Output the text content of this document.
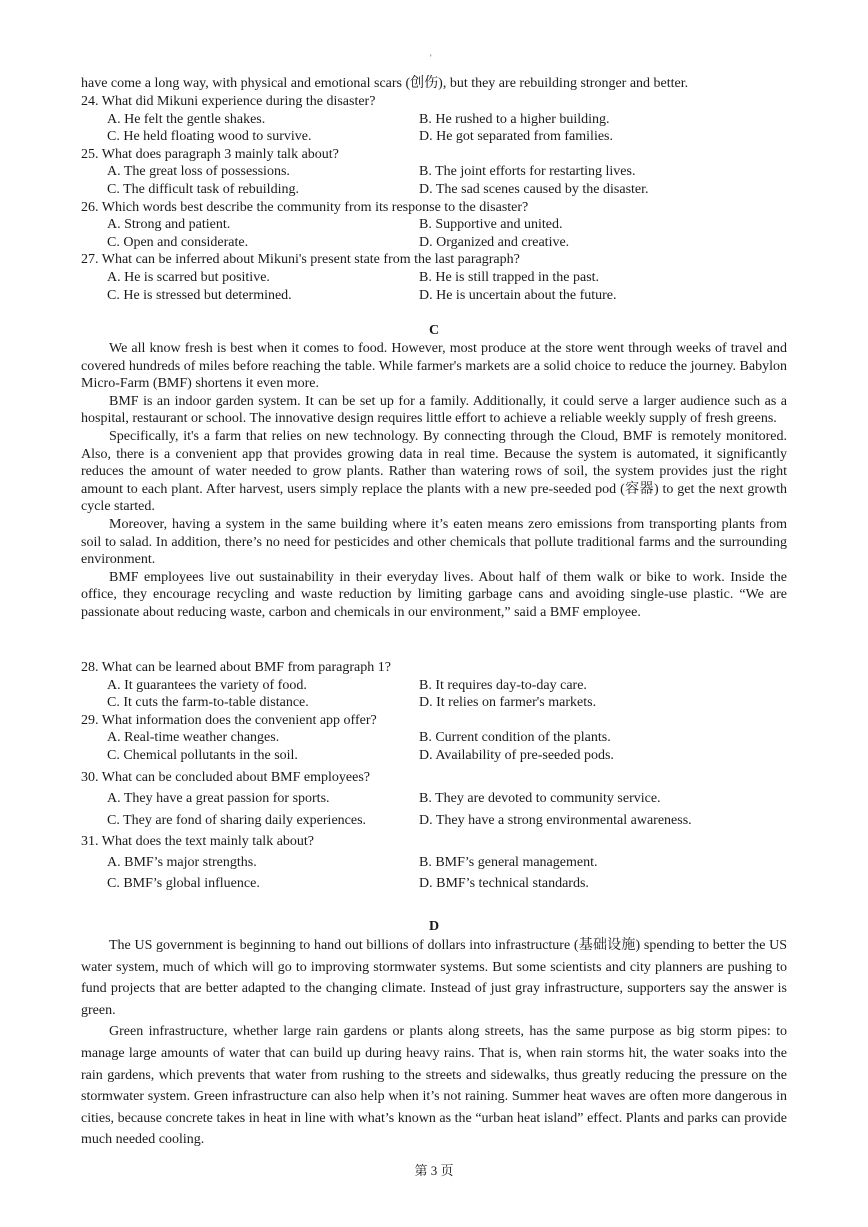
'

have come a long way, with physical and emotional scars (创伤), but they are rebuilding stronger and better.

24. What did Mikuni experience during the disaster?

A. He felt the gentle shakes.	B. He rushed to a higher building.
C. He held floating wood to survive.	D. He got separated from families.

25. What does paragraph 3 mainly talk about?

A. The great loss of possessions.	B. The joint efforts for restarting lives.
C. The difficult task of rebuilding.	D. The sad scenes caused by the disaster.

26. Which words best describe the community from its response to the disaster?

A. Strong and patient.	B. Supportive and united.
C. Open and considerate.	D. Organized and creative.

27. What can be inferred about Mikuni's present state from the last paragraph?

A. He is scarred but positive.	B. He is still trapped in the past.
C. He is stressed but determined.	D. He is uncertain about the future.

C

We all know fresh is best when it comes to food. However, most produce at the store went through weeks of travel and covered hundreds of miles before reaching the table. While farmer's markets are a solid choice to reduce the journey. Babylon Micro-Farm (BMF) shortens it even more.

BMF is an indoor garden system. It can be set up for a family. Additionally, it could serve a larger audience such as a hospital, restaurant or school. The innovative design requires little effort to achieve a reliable weekly supply of fresh greens.

Specifically, it's a farm that relies on new technology. By connecting through the Cloud, BMF is remotely monitored. Also, there is a convenient app that provides growing data in real time. Because the system is automated, it significantly reduces the amount of water needed to grow plants. Rather than watering rows of soil, the system provides just the right amount to each plant. After harvest, users simply replace the plants with a new pre-seeded pod (容器) to get the next growth cycle started.

Moreover, having a system in the same building where it’s eaten means zero emissions from transporting plants from soil to salad. In addition, there’s no need for pesticides and other chemicals that pollute traditional farms and the surrounding environment.

BMF employees live out sustainability in their everyday lives. About half of them walk or bike to work. Inside the office, they encourage recycling and waste reduction by limiting garbage cans and avoiding single-use plastic. “We are passionate about reducing waste, carbon and chemicals in our environment,” said a BMF employee.

28. What can be learned about BMF from paragraph 1?

A. It guarantees the variety of food.	B. It requires day-to-day care.
C. It cuts the farm-to-table distance.	D. It relies on farmer's markets.

29. What information does the convenient app offer?

A. Real-time weather changes.	B. Current condition of the plants.
C. Chemical pollutants in the soil.	D. Availability of pre-seeded pods.

30. What can be concluded about BMF employees?

A. They have a great passion for sports.	B. They are devoted to community service.
C. They are fond of sharing daily experiences.	D. They have a strong environmental awareness.

31. What does the text mainly talk about?

A. BMF’s major strengths.	B. BMF’s general management.
C. BMF’s global influence.	D. BMF’s technical standards.

D

The US government is beginning to hand out billions of dollars into infrastructure (基础设施) spending to better the US water system, much of which will go to improving stormwater systems. But some scientists and city planners are pushing to fund projects that are better adapted to the changing climate. Instead of just gray infrastructure, supporters say the answer is green.

Green infrastructure, whether large rain gardens or plants along streets, has the same purpose as big storm pipes: to manage large amounts of water that can build up during heavy rains. That is, when rain storms hit, the water soaks into the rain gardens, which prevents that water from rushing to the streets and sidewalks, thus greatly reducing the pressure on the stormwater system. Green infrastructure can also help when it’s not raining. Summer heat waves are often more dangerous in cities, because concrete takes in heat in line with what’s known as the “urban heat island” effect. Plants and parks can provide much needed cooling.

第 3 页
